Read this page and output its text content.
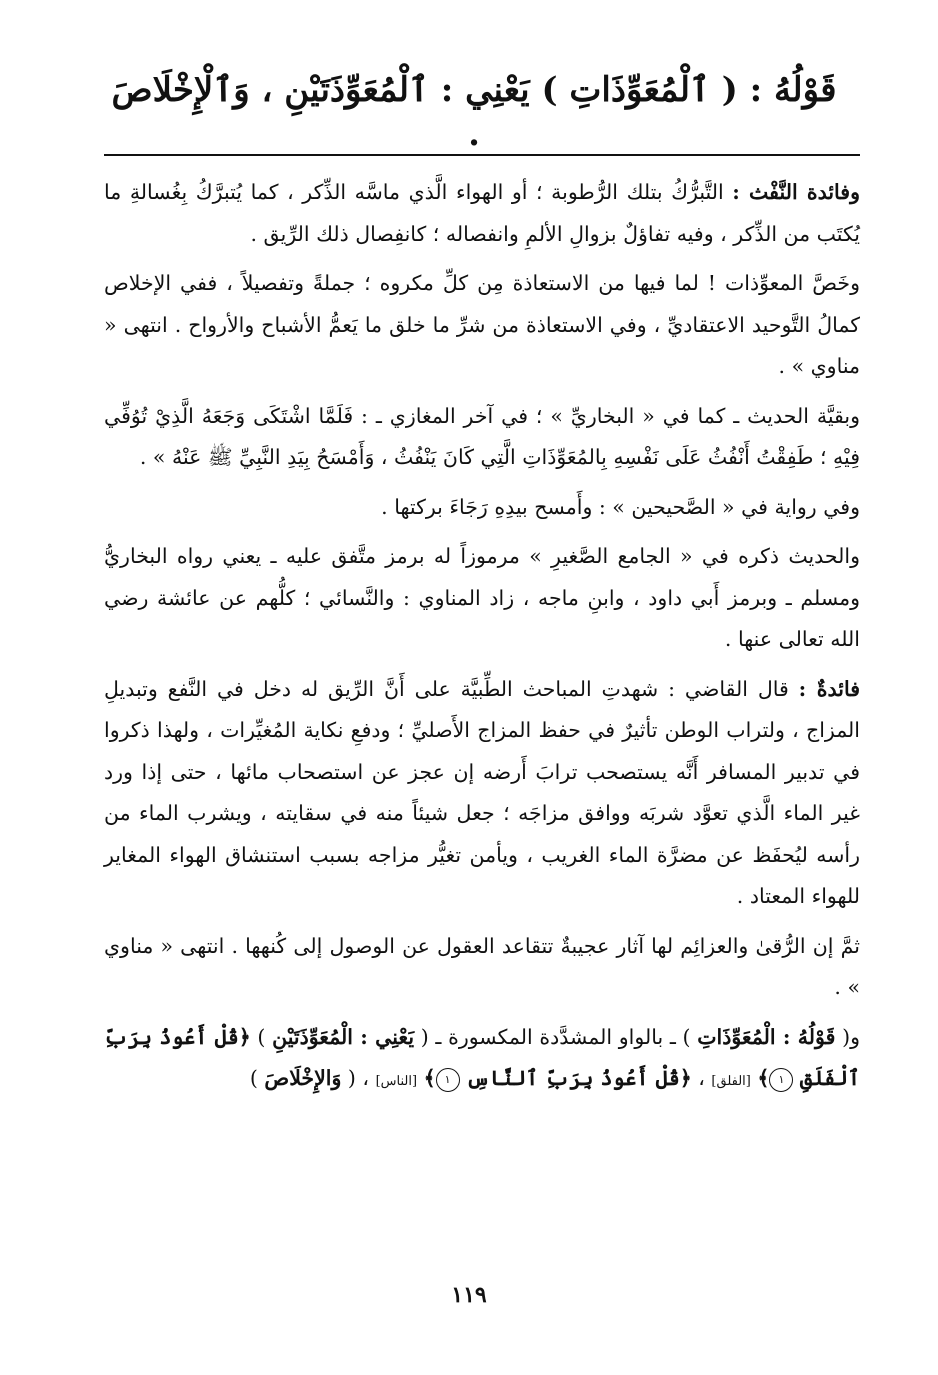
قَوْلُهُ : ( ٱلْمُعَوِّذَاتِ ) يَعْنِي : ٱلْمُعَوِّذَتَيْنِ ، وَٱلْإِخْلَاصَ .

وفائدة النَّفْث : التَّبرُّكُ بتلك الرُّطوبة ؛ أو الهواء الَّذي ماسَّه الذِّكر ، كما يُتبرَّكُ بِغُسالةِ ما يُكتَب من الذِّكر ، وفيه تفاؤلٌ بزوالِ الألمِ وانفصاله ؛ كانفِصال ذلك الرِّيق .

وخَصَّ المعوِّذات ! لما فيها من الاستعاذة مِن كلِّ مكروه ؛ جملةً وتفصيلاً ، ففي الإخلاص كمالُ التَّوحيد الاعتقاديِّ ، وفي الاستعاذة من شرِّ ما خلق ما يَعمُّ الأشباح والأرواح . انتهى « مناوي » .

وبقيَّة الحديث ـ كما في « البخاريِّ » ؛ في آخر المغازي ـ : فَلَمَّا اشْتَكَى وَجَعَهُ الَّذِيْ تُوُفِّي فِيْهِ ؛ طَفِقْتُ أَنْفُثُ عَلَى نَفْسِهِ بِالمُعَوِّذَاتِ الَّتِي كَانَ يَنْفُثُ ، وَأَمْسَحُ بِيَدِ النَّبِيِّ ﷺ عَنْهُ » .

وفي رواية في « الصَّحيحين » : وأَمسح بيدِهِ رَجَاءَ بركتها .

والحديث ذكره في « الجامع الصَّغيرِ » مرموزاً له برمز متَّفق عليه ـ يعني رواه البخاريُّ ومسلم ـ وبرمز أَبي داود ، وابنِ ماجه ، زاد المناوي : والنَّسائي ؛ كلُّهم عن عائشة رضي الله تعالى عنها .

فائدةٌ : قال القاضي : شهدتِ المباحث الطِّبيَّة على أَنَّ الرِّيق له دخل في النَّفع وتبديلِ المزاج ، ولتراب الوطن تأثيرٌ في حفظ المزاج الأَصليِّ ؛ ودفعِ نكاية المُغيِّرات ، ولهذا ذكروا في تدبير المسافر أَنَّه يستصحب ترابَ أَرضه إن عجز عن استصحاب مائها ، حتى إذا ورد غير الماء الَّذي تعوَّد شربَه ووافق مزاجَه ؛ جعل شيئاً منه في سقايته ، ويشرب الماء من رأسه ليُحفَظ عن مضرَّة الماء الغريب ، ويأمن تغيُّر مزاجه بسبب استنشاق الهواء المغاير للهواء المعتاد .

ثمَّ إن الرُّقىٰ والعزائِم لها آثار عجيبةٌ تتقاعد العقول عن الوصول إلى كُنهها . انتهى « مناوي » .

و( قَوْلُهُ : الْمُعَوِّذَاتِ ) ـ بالواو المشدَّدة المكسورة ـ ( يَعْنِي : الْمُعَوِّذَتَيْنِ ) ﴿قُلْ أَعُوذُ بِرَبِّ ٱلْفَلَقِ ١﴾ [الفلق] ، ﴿قُلْ أَعُوذُ بِرَبِّ ٱلنَّاسِ ١﴾ [الناس] ، ( وَالإِخْلَاصَ )

١١٩
